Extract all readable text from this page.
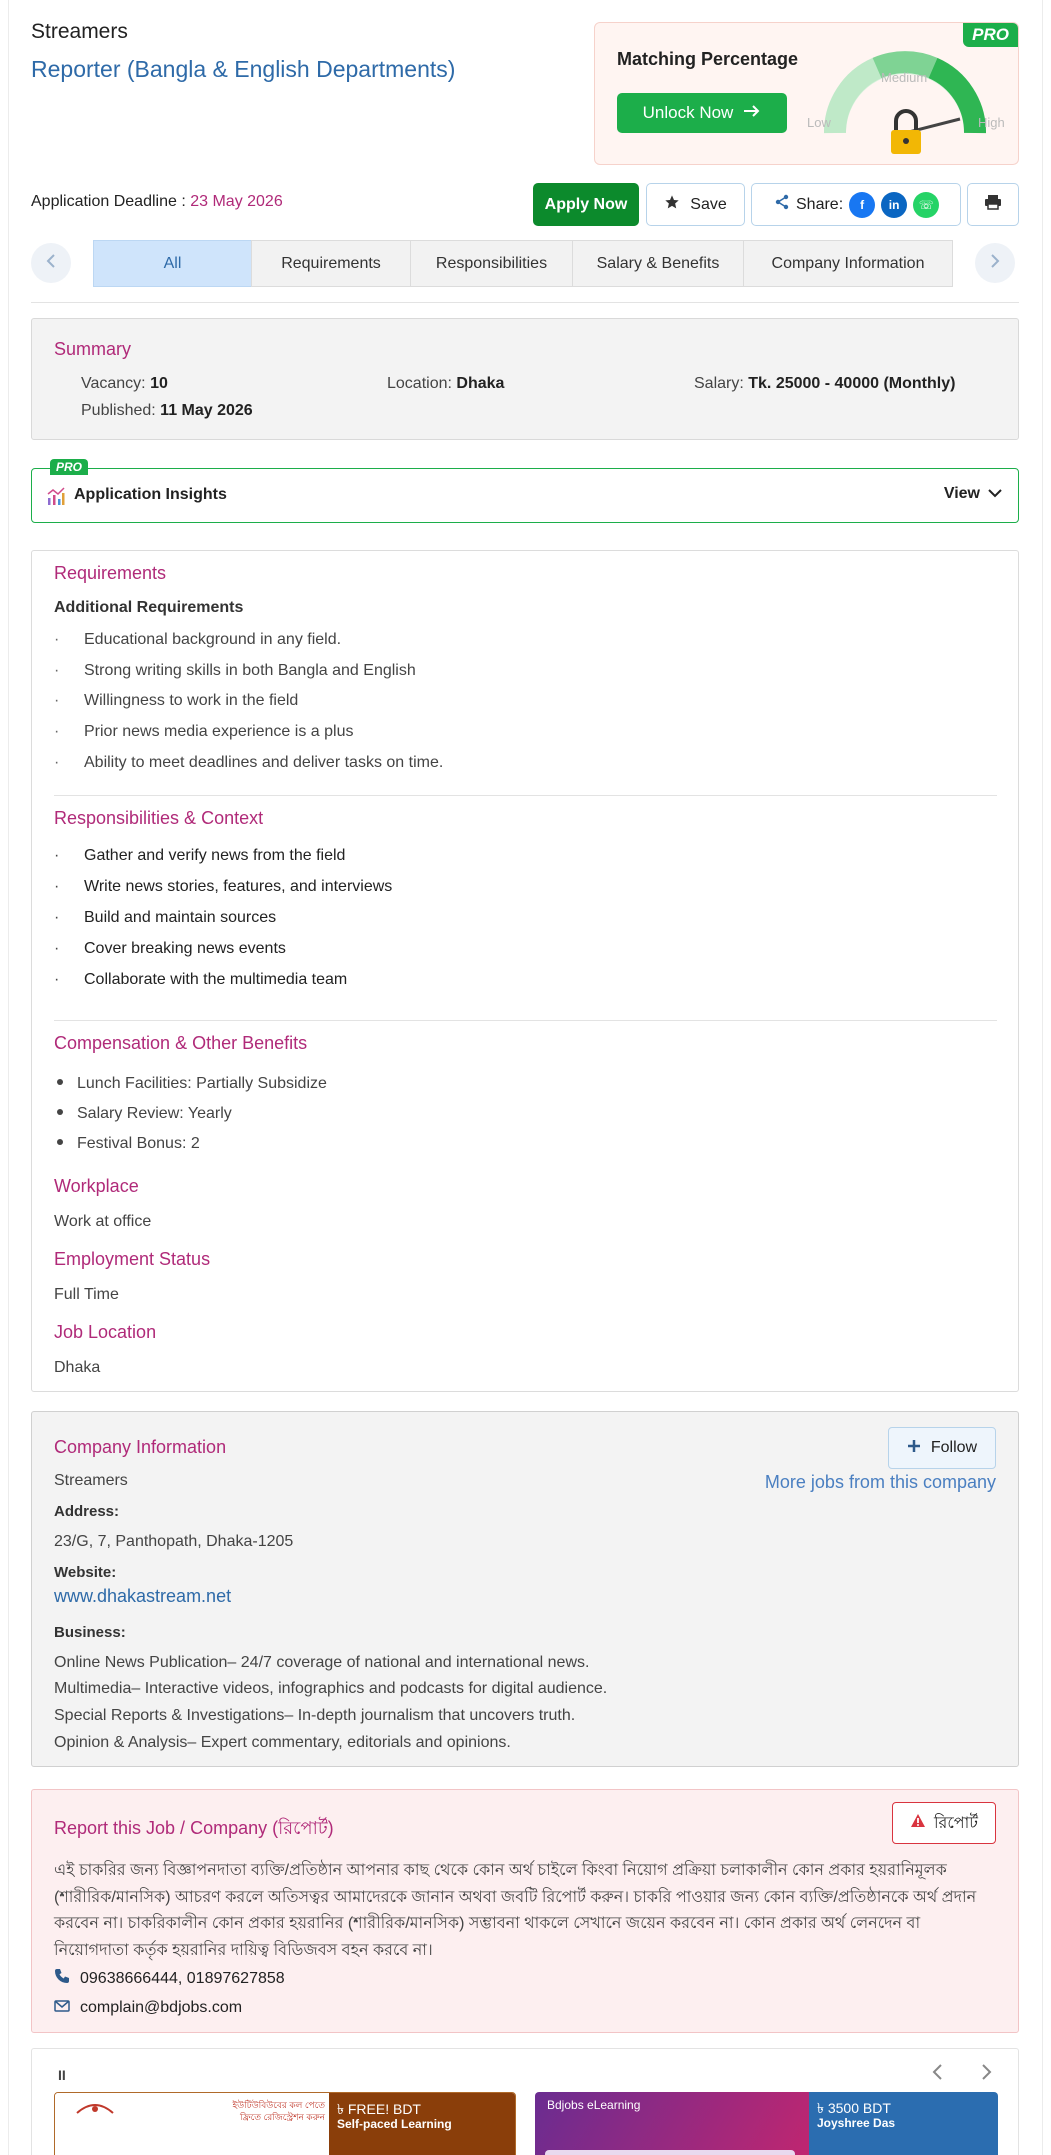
Streamers
Reporter (Bangla & English Departments)
PRO
Matching Percentage
Unlock Now
Low
Medium
High
Application Deadline : 23 May 2026	Apply Now	Save	Share:	f	in	☏
All	Requirements	Responsibilities	Salary & Benefits	Company Information
Summary
Vacancy: 10	Location: Dhaka	Salary: Tk. 25000 - 40000 (Monthly)
Published: 11 May 2026
PRO
Application Insights	View
Requirements
Additional Requirements
· Educational background in any field.
· Strong writing skills in both Bangla and English
· Willingness to work in the field
· Prior news media experience is a plus
· Ability to meet deadlines and deliver tasks on time.
Responsibilities & Context
· Gather and verify news from the field
· Write news stories, features, and interviews
· Build and maintain sources
· Cover breaking news events
· Collaborate with the multimedia team
Compensation & Other Benefits
Lunch Facilities: Partially Subsidize
Salary Review: Yearly
Festival Bonus: 2
Workplace
Work at office
Employment Status
Full Time
Job Location
Dhaka
Company Information	Follow
More jobs from this company
Streamers
Address:
23/G, 7, Panthopath, Dhaka-1205
Website:
www.dhakastream.net
Business:
Online News Publication– 24/7 coverage of national and international news.
Multimedia– Interactive videos, infographics and podcasts for digital audience.
Special Reports & Investigations– In-depth journalism that uncovers truth.
Opinion & Analysis– Expert commentary, editorials and opinions.
Report this Job / Company (রিপোর্ট)	রিপোর্ট
এই চাকরির জন্য বিজ্ঞাপনদাতা ব্যক্তি/প্রতিষ্ঠান আপনার কাছ থেকে কোন অর্থ চাইলে কিংবা নিয়োগ প্রক্রিয়া চলাকালীন কোন প্রকার হয়রানিমূলক (শারীরিক/মানসিক) আচরণ করলে অতিসত্বর আমাদেরকে জানান অথবা জবটি রিপোর্ট করুন। চাকরি পাওয়ার জন্য কোন ব্যক্তি/প্রতিষ্ঠানকে অর্থ প্রদান করবেন না। চাকরিকালীন কোন প্রকার হয়রানির (শারীরিক/মানসিক) সম্ভাবনা থাকলে সেখানে জয়েন করবেন না। কোন প্রকার অর্থ লেনদেন বা নিয়োগদাতা কর্তৃক হয়রানির দায়িত্ব বিডিজবস বহন করবে না।
09638666444, 01897627858
complain@bdjobs.com
II
ইউটিউবিউবের কল পেতে ফ্রিতে রেজিস্ট্রেশন করুন ৳ FREE! BDT
Self-paced Learning
Bdjobs eLearning	৳ 3500 BDT
Joyshree Das
